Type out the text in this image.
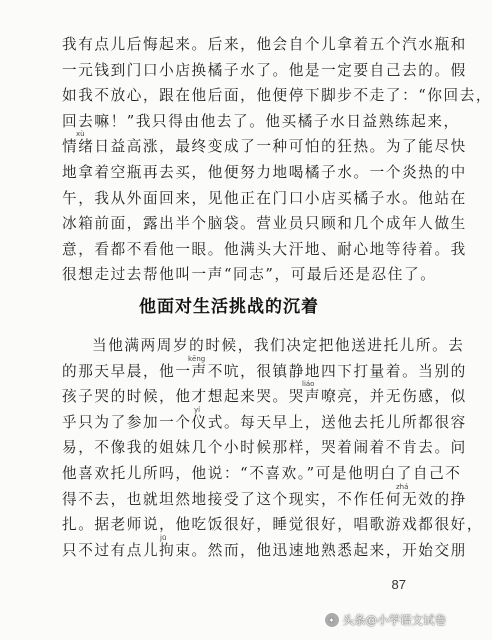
我有点儿后悔起来。后来，他会自个儿拿着五个汽水瓶和
一元钱到门口小店换橘子水了。他是一定要自己去的。假
如我不放心，跟在他后面，他便停下脚步不走了：“你回去，
回去嘛！”我只得由他去了。他买橘子水日益熟练起来，
xù
情绪日益高涨，最终变成了一种可怕的狂热。为了能尽快
地拿着空瓶再去买，他便努力地喝橘子水。一个炎热的中
午，我从外面回来，见他正在门口小店买橘子水。他站在
冰箱前面，露出半个脑袋。营业员只顾和几个成年人做生
意，看都不看他一眼。他满头大汗地、耐心地等待着。我
很想走过去帮他叫一声“同志”，可最后还是忍住了。
他面对生活挑战的沉着
当他满两周岁的时候，我们决定把他送进托儿所。去
kēng
的那天早晨，他一声不吭，很镇静地四下打量着。当别的
liáo
孩子哭的时候，他才想起来哭。哭声嘹亮，并无伤感，似
yí
乎只为了参加一个仪式。每天早上，送他去托儿所都很容
易，不像我的姐妹几个小时候那样，哭着闹着不肯去。问
他喜欢托儿所吗，他说：“不喜欢。”可是他明白了自己不
zhá
得不去，也就坦然地接受了这个现实，不作任何无效的挣
扎。据老师说，他吃饭很好，睡觉很好，唱歌游戏都很好，
jū
只不过有点儿拘束。然而，他迅速地熟悉起来，开始交朋
87
✦ 头条@小学语文试卷
